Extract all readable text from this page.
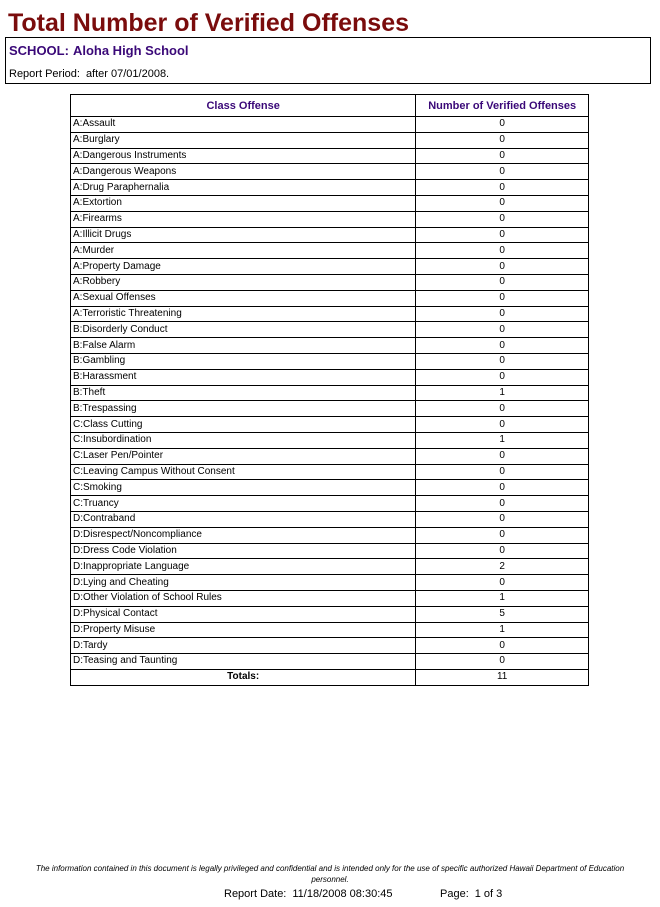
Total Number of Verified Offenses
SCHOOL: Aloha High School
Report Period: after 07/01/2008.
Class Offense	Number of Verified Offenses
A:Assault	0
A:Burglary	0
A:Dangerous Instruments	0
A:Dangerous Weapons	0
A:Drug Paraphernalia	0
A:Extortion	0
A:Firearms	0
A:Illicit Drugs	0
A:Murder	0
A:Property Damage	0
A:Robbery	0
A:Sexual Offenses	0
A:Terroristic Threatening	0
B:Disorderly Conduct	0
B:False Alarm	0
B:Gambling	0
B:Harassment	0
B:Theft	1
B:Trespassing	0
C:Class Cutting	0
C:Insubordination	1
C:Laser Pen/Pointer	0
C:Leaving Campus Without Consent	0
C:Smoking	0
C:Truancy	0
D:Contraband	0
D:Disrespect/Noncompliance	0
D:Dress Code Violation	0
D:Inappropriate Language	2
D:Lying and Cheating	0
D:Other Violation of School Rules	1
D:Physical Contact	5
D:Property Misuse	1
D:Tardy	0
D:Teasing and Taunting	0
Totals:	11
The information contained in this document is legally privileged and confidential and is intended only for the use of specific authorized Hawaii Department of Education personnel.
Report Date: 11/18/2008 08:30:45	Page: 1 of 3
